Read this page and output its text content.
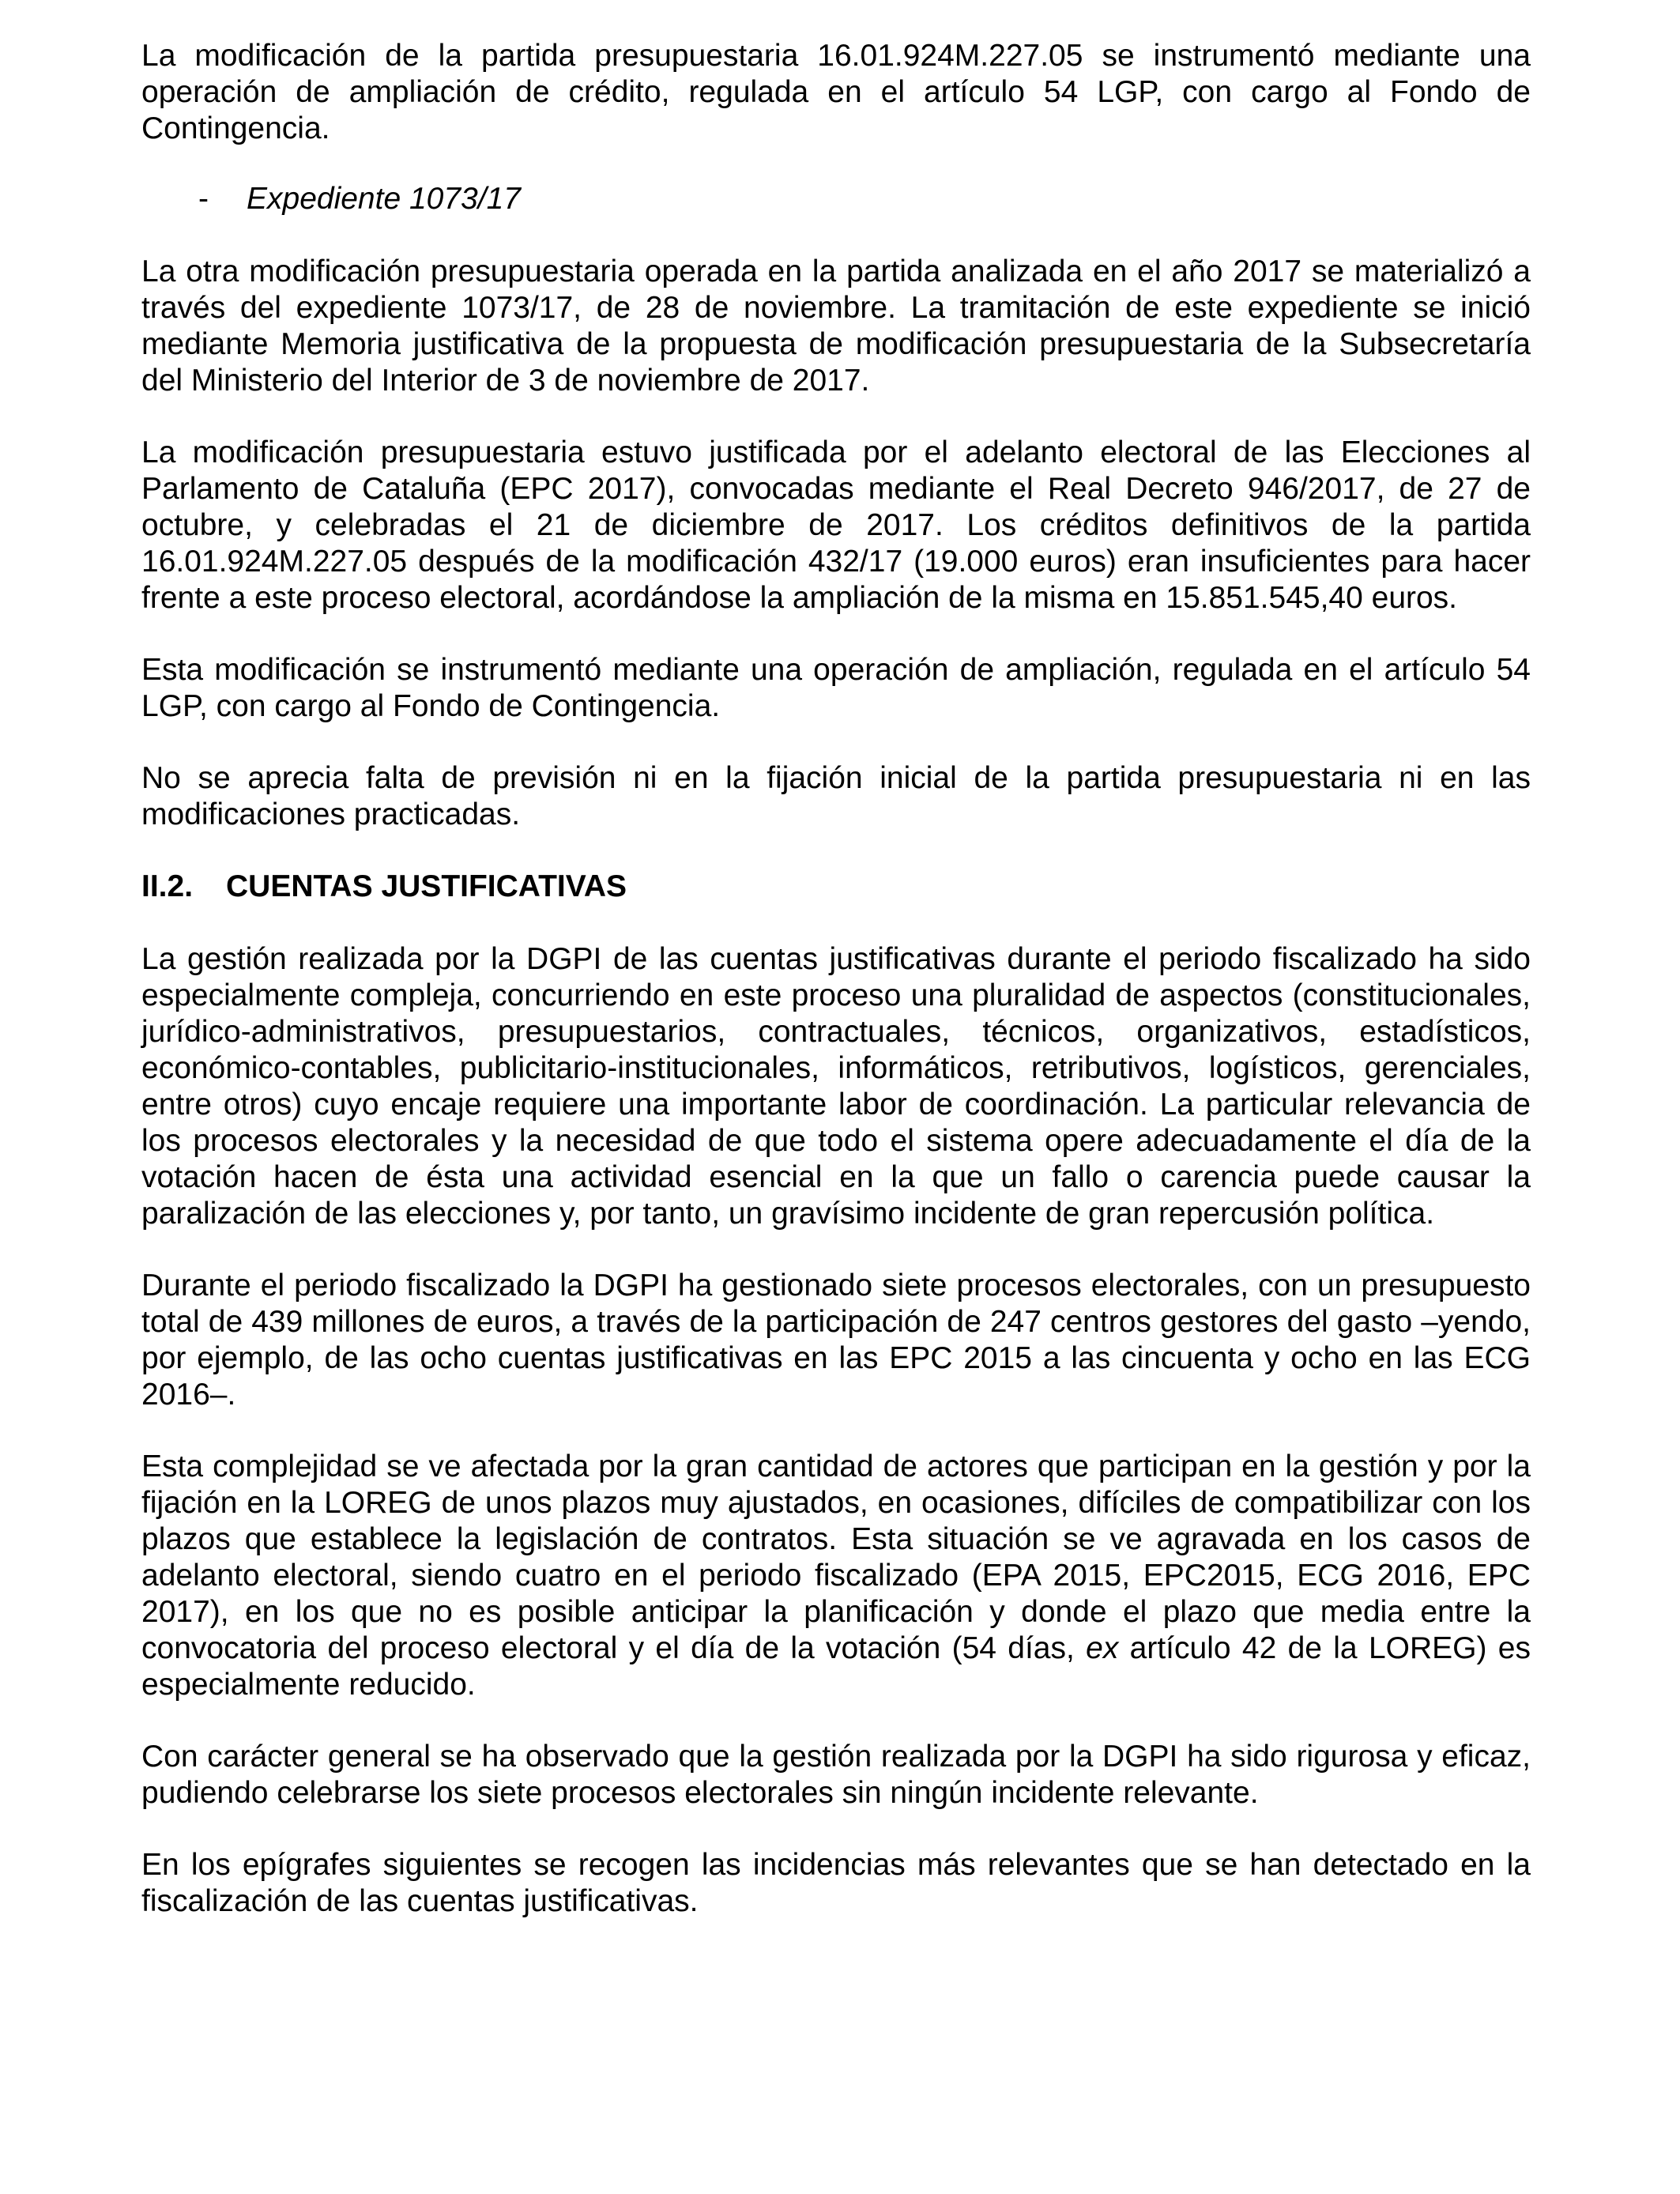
La modificación de la partida presupuestaria 16.01.924M.227.05 se instrumentó mediante una operación de ampliación de crédito, regulada en el artículo 54 LGP, con cargo al Fondo de Contingencia.

-	Expediente 1073/17

La otra modificación presupuestaria operada en la partida analizada en el año 2017 se materializó a través del expediente 1073/17, de 28 de noviembre. La tramitación de este expediente se inició mediante Memoria justificativa de la propuesta de modificación presupuestaria de la Subsecretaría del Ministerio del Interior de 3 de noviembre de 2017.

La modificación presupuestaria estuvo justificada por el adelanto electoral de las Elecciones al Parlamento de Cataluña (EPC 2017), convocadas mediante el Real Decreto 946/2017, de 27 de octubre, y celebradas el 21 de diciembre de 2017. Los créditos definitivos de la partida 16.01.924M.227.05 después de la modificación 432/17 (19.000 euros) eran insuficientes para hacer frente a este proceso electoral, acordándose la ampliación de la misma en 15.851.545,40 euros.

Esta modificación se instrumentó mediante una operación de ampliación, regulada en el artículo 54 LGP, con cargo al Fondo de Contingencia.

No se aprecia falta de previsión ni en la fijación inicial de la partida presupuestaria ni en las modificaciones practicadas.

II.2.	CUENTAS JUSTIFICATIVAS

La gestión realizada por la DGPI de las cuentas justificativas durante el periodo fiscalizado ha sido especialmente compleja, concurriendo en este proceso una pluralidad de aspectos (constitucionales, jurídico-administrativos, presupuestarios, contractuales, técnicos, organizativos, estadísticos, económico-contables, publicitario-institucionales, informáticos, retributivos, logísticos, gerenciales, entre otros) cuyo encaje requiere una importante labor de coordinación. La particular relevancia de los procesos electorales y la necesidad de que todo el sistema opere adecuadamente el día de la votación hacen de ésta una actividad esencial en la que un fallo o carencia puede causar la paralización de las elecciones y, por tanto, un gravísimo incidente de gran repercusión política.

Durante el periodo fiscalizado la DGPI ha gestionado siete procesos electorales, con un presupuesto total de 439 millones de euros, a través de la participación de 247 centros gestores del gasto –yendo, por ejemplo, de las ocho cuentas justificativas en las EPC 2015 a las cincuenta y ocho en las ECG 2016–.

Esta complejidad se ve afectada por la gran cantidad de actores que participan en la gestión y por la fijación en la LOREG de unos plazos muy ajustados, en ocasiones, difíciles de compatibilizar con los plazos que establece la legislación de contratos. Esta situación se ve agravada en los casos de adelanto electoral, siendo cuatro en el periodo fiscalizado (EPA 2015, EPC2015, ECG 2016, EPC 2017), en los que no es posible anticipar la planificación y donde el plazo que media entre la convocatoria del proceso electoral y el día de la votación (54 días, ex artículo 42 de la LOREG) es especialmente reducido.

Con carácter general se ha observado que la gestión realizada por la DGPI ha sido rigurosa y eficaz, pudiendo celebrarse los siete procesos electorales sin ningún incidente relevante.

En los epígrafes siguientes se recogen las incidencias más relevantes que se han detectado en la fiscalización de las cuentas justificativas.
